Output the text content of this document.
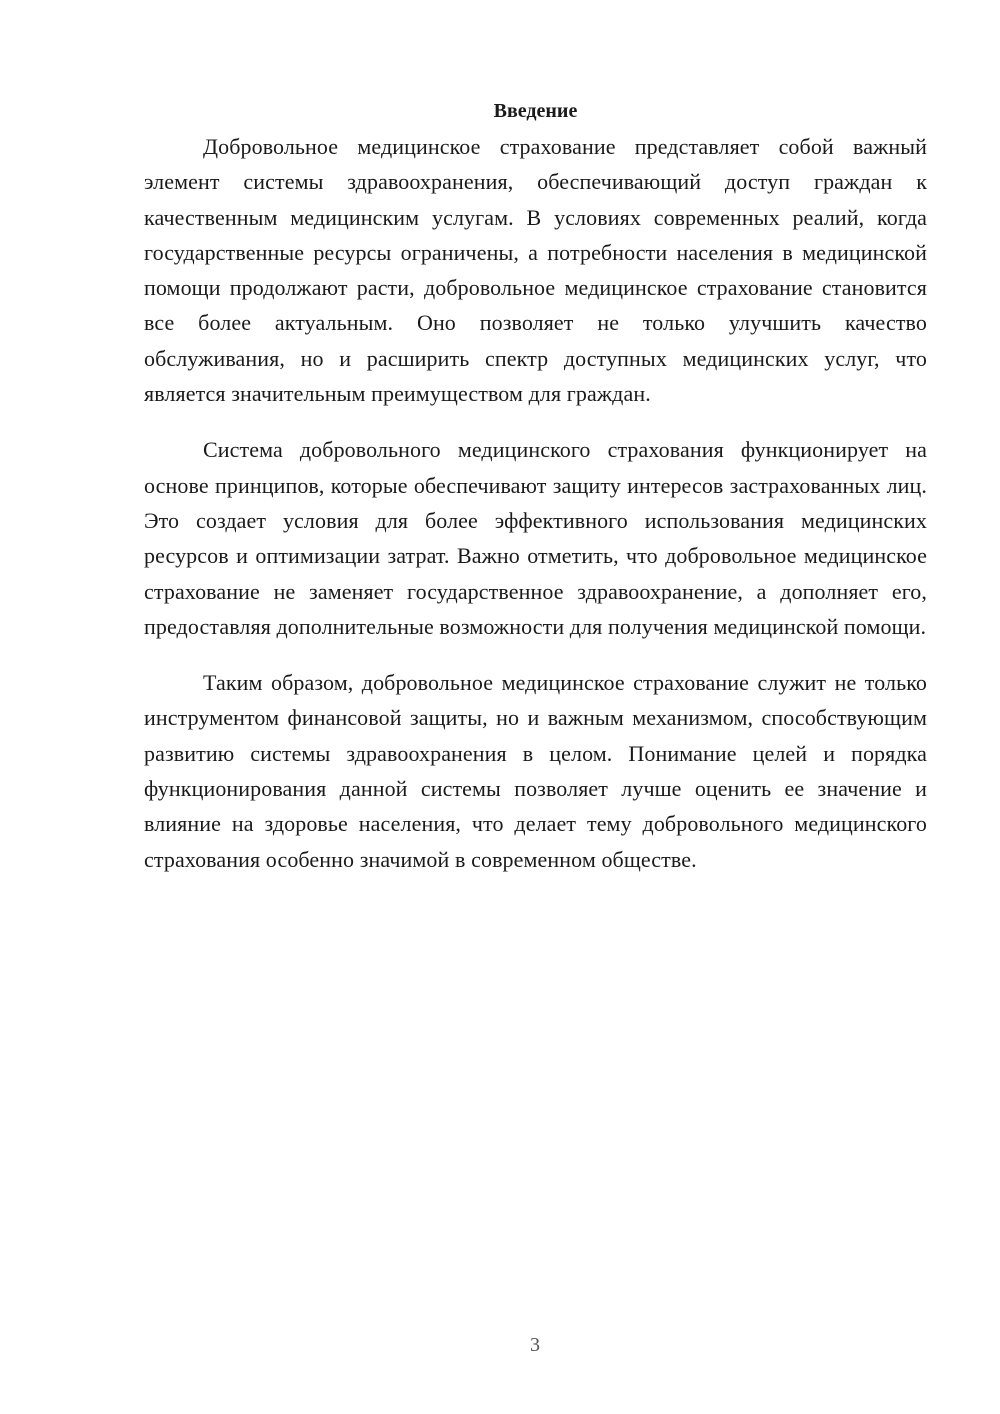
Введение

Добровольное медицинское страхование представляет собой важный элемент системы здравоохранения, обеспечивающий доступ граждан к качественным медицинским услугам. В условиях современных реалий, когда государственные ресурсы ограничены, а потребности населения в медицинской помощи продолжают расти, добровольное медицинское страхование становится все более актуальным. Оно позволяет не только улучшить качество обслуживания, но и расширить спектр доступных медицинских услуг, что является значительным преимуществом для граждан.

Система добровольного медицинского страхования функционирует на основе принципов, которые обеспечивают защиту интересов застрахованных лиц. Это создает условия для более эффективного использования медицинских ресурсов и оптимизации затрат. Важно отметить, что добровольное медицинское страхование не заменяет государственное здравоохранение, а дополняет его, предоставляя дополнительные возможности для получения медицинской помощи.

Таким образом, добровольное медицинское страхование служит не только инструментом финансовой защиты, но и важным механизмом, способствующим развитию системы здравоохранения в целом. Понимание целей и порядка функционирования данной системы позволяет лучше оценить ее значение и влияние на здоровье населения, что делает тему добровольного медицинского страхования особенно значимой в современном обществе.

3
